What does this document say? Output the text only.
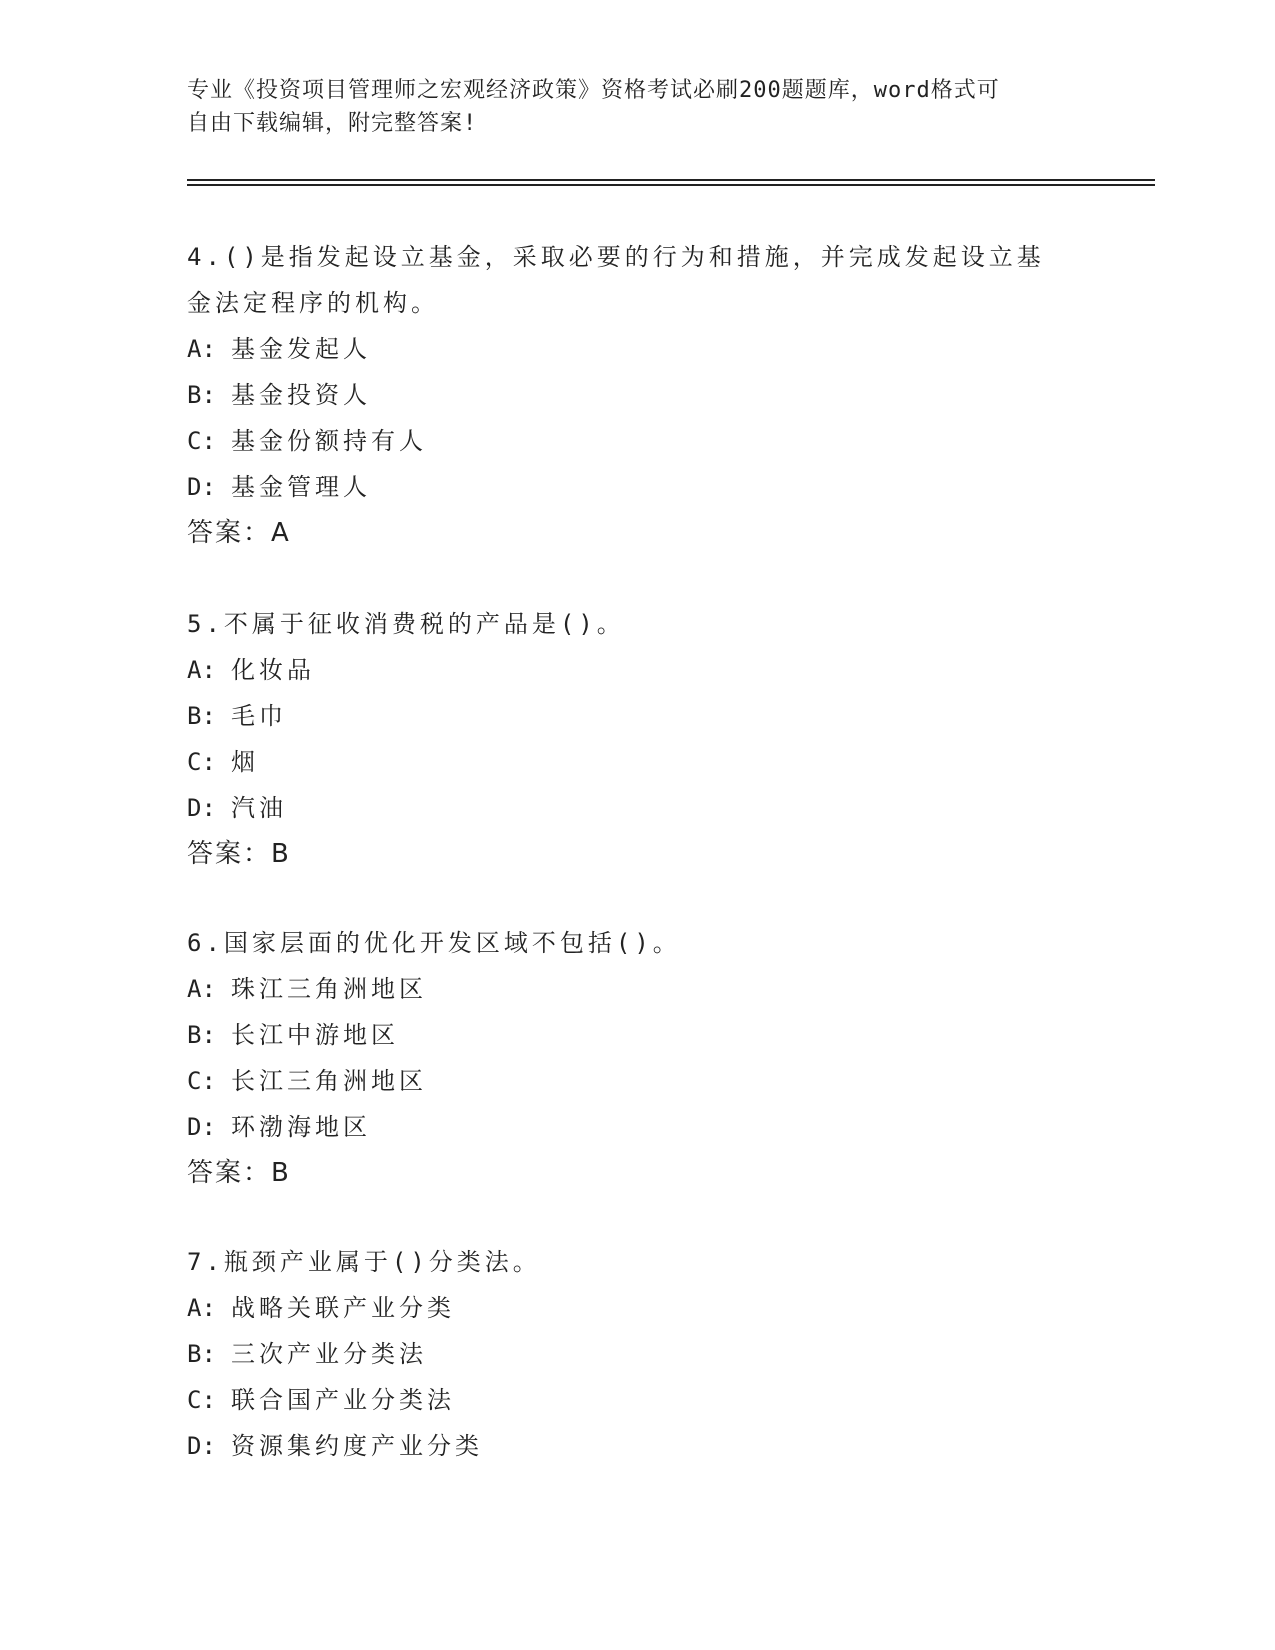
专业《投资项目管理师之宏观经济政策》资格考试必刷200题题库，word格式可
自由下载编辑，附完整答案!
4.()是指发起设立基金，采取必要的行为和措施，并完成发起设立基
金法定程序的机构。
A: 基金发起人
B: 基金投资人
C: 基金份额持有人
D: 基金管理人
答案：A
5.不属于征收消费税的产品是()。
A: 化妆品
B: 毛巾
C: 烟
D: 汽油
答案：B
6.国家层面的优化开发区域不包括()。
A: 珠江三角洲地区
B: 长江中游地区
C: 长江三角洲地区
D: 环渤海地区
答案：B
7.瓶颈产业属于()分类法。
A: 战略关联产业分类
B: 三次产业分类法
C: 联合国产业分类法
D: 资源集约度产业分类
